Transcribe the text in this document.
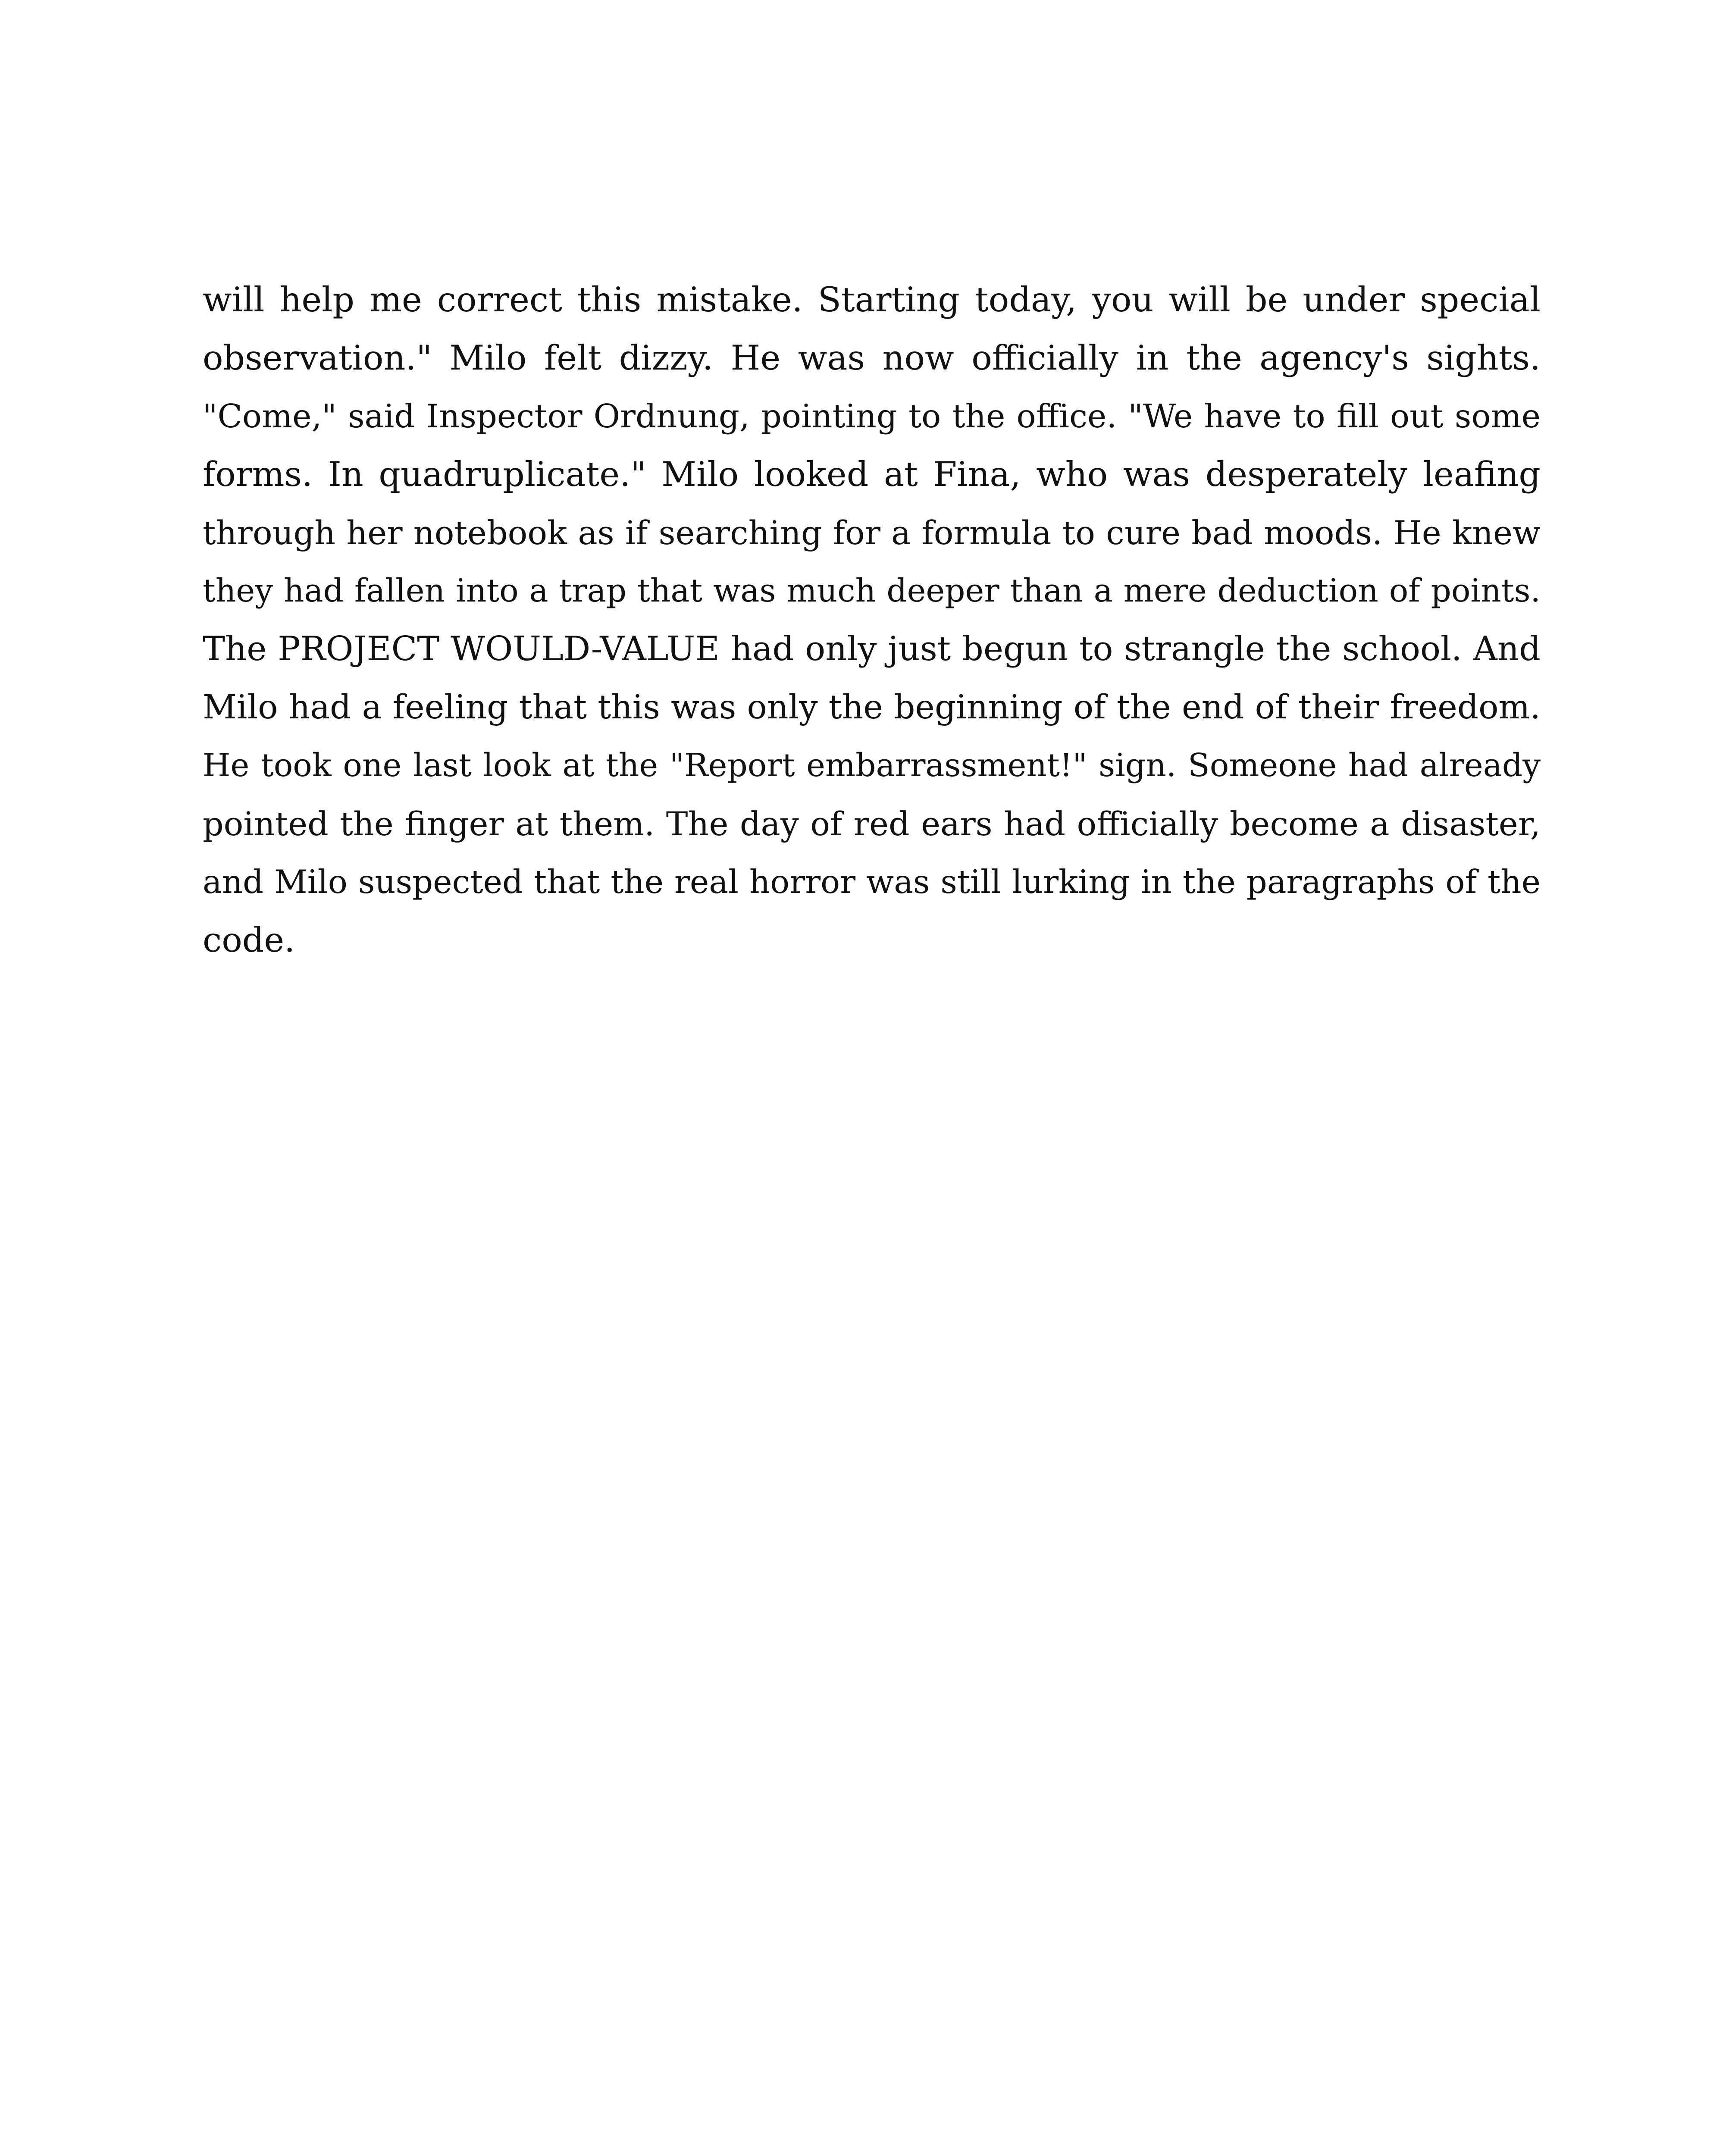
will help me correct this mistake. Starting today, you will be under special
observation." Milo felt dizzy. He was now officially in the agency's sights.
"Come," said Inspector Ordnung, pointing to the office. "We have to fill out some
forms. In quadruplicate." Milo looked at Fina, who was desperately leafing
through her notebook as if searching for a formula to cure bad moods. He knew
they had fallen into a trap that was much deeper than a mere deduction of points.
The PROJECT WOULD-VALUE had only just begun to strangle the school. And
Milo had a feeling that this was only the beginning of the end of their freedom.
He took one last look at the "Report embarrassment!" sign. Someone had already
pointed the finger at them. The day of red ears had officially become a disaster,
and Milo suspected that the real horror was still lurking in the paragraphs of the
code.
